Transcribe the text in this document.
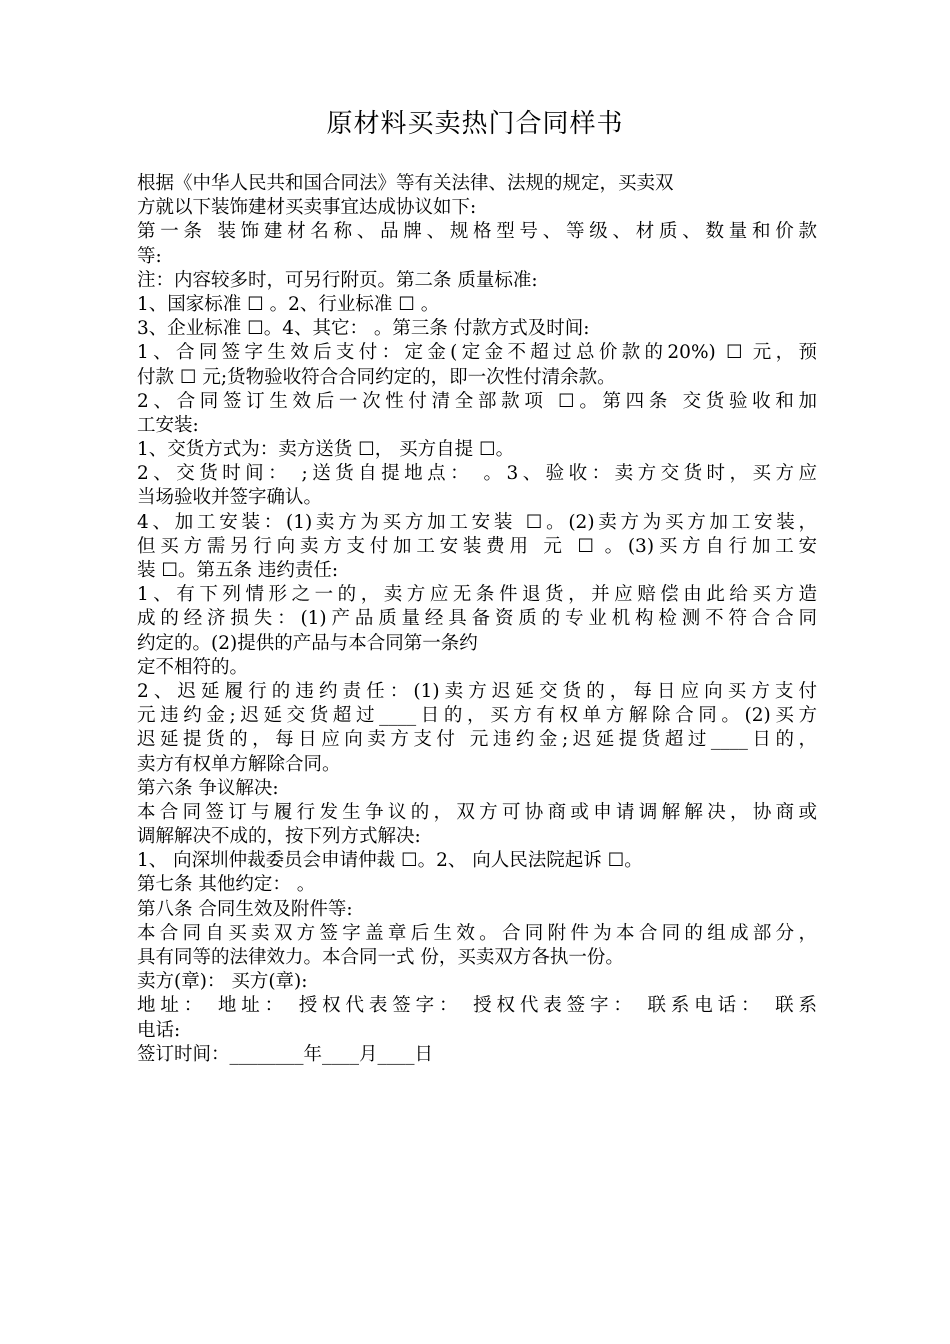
原材料买卖热门合同样书
根据《中华人民共和国合同法》等有关法律、法规的规定，买卖双
方就以下装饰建材买卖事宜达成协议如下:
第一条 装饰建材名称、品牌、规格型号、等级、材质、数量和价款
等:
注：内容较多时，可另行附页。第二条 质量标准:
1、国家标准 ☐ 。2、行业标准 ☐ 。
3、企业标准 ☐。4、其它： 。第三条 付款方式及时间:
1、合同签字生效后支付：定金(定金不超过总价款的20%) ☐ 元，预
付款 ☐ 元;货物验收符合合同约定的，即一次性付清余款。
2、合同签订生效后一次性付清全部款项 ☐。第四条 交货验收和加
工安装:
1、交货方式为：卖方送货 ☐， 买方自提 ☐。
2、交货时间： ;送货自提地点： 。3、验收：卖方交货时，买方应
当场验收并签字确认。
4、加工安装：(1)卖方为买方加工安装 ☐。(2)卖方为买方加工安装，
但买方需另行向卖方支付加工安装费用 元 ☐ 。(3)买方自行加工安
装 ☐。第五条 违约责任:
1、有下列情形之一的，卖方应无条件退货，并应赔偿由此给买方造
成的经济损失：(1)产品质量经具备资质的专业机构检测不符合合同
约定的。(2)提供的产品与本合同第一条约
定不相符的。
2、迟延履行的违约责任：(1)卖方迟延交货的，每日应向买方支付
元违约金;迟延交货超过____日的，买方有权单方解除合同。(2)买方
迟延提货的，每日应向卖方支付 元违约金;迟延提货超过____日的，
卖方有权单方解除合同。
第六条 争议解决:
本合同签订与履行发生争议的，双方可协商或申请调解解决，协商或
调解解决不成的，按下列方式解决:
1、 向深圳仲裁委员会申请仲裁 ☐。2、 向人民法院起诉 ☐。
第七条 其他约定： 。
第八条 合同生效及附件等:
本合同自买卖双方签字盖章后生效。合同附件为本合同的组成部分，
具有同等的法律效力。本合同一式 份，买卖双方各执一份。
卖方(章)： 买方(章):
地址： 地址： 授权代表签字： 授权代表签字： 联系电话： 联系
电话:
签订时间：________年____月____日
